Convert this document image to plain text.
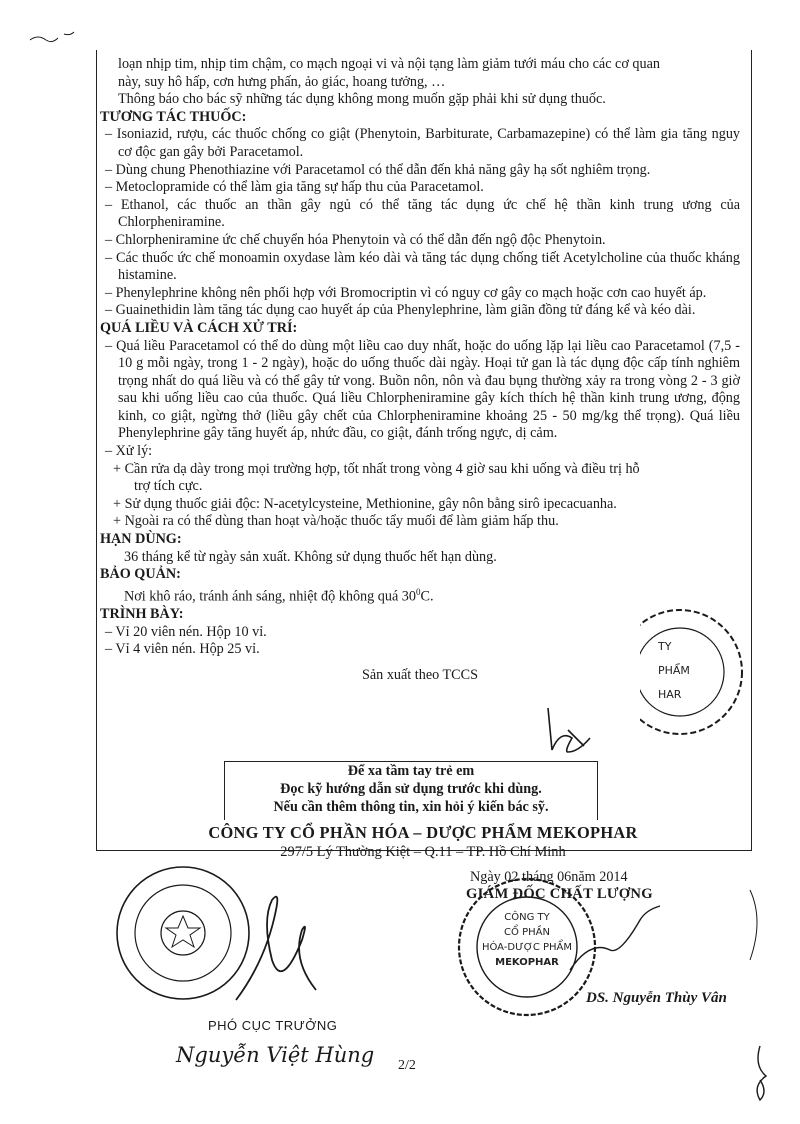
loạn nhịp tim, nhịp tim chậm, co mạch ngoại vi và nội tạng làm giảm tưới máu cho các cơ quan

này, suy hô hấp, cơn hưng phấn, ảo giác, hoang tưởng, …

Thông báo cho bác sỹ những tác dụng không mong muốn gặp phải khi sử dụng thuốc.

TƯƠNG TÁC THUỐC:

– Isoniazid, rượu, các thuốc chống co giật (Phenytoin, Barbiturate, Carbamazepine) có thể làm gia tăng nguy cơ độc gan gây bởi Paracetamol.

– Dùng chung Phenothiazine với Paracetamol có thể dẫn đến khả năng gây hạ sốt nghiêm trọng.

– Metoclopramide có thể làm gia tăng sự hấp thu của Paracetamol.

– Ethanol, các thuốc an thần gây ngủ có thể tăng tác dụng ức chế hệ thần kinh trung ương của Chlorpheniramine.

– Chlorpheniramine ức chế chuyển hóa Phenytoin và có thể dẫn đến ngộ độc Phenytoin.

– Các thuốc ức chế monoamin oxydase làm kéo dài và tăng tác dụng chống tiết Acetylcholine của thuốc kháng histamine.

– Phenylephrine không nên phối hợp với Bromocriptin vì có nguy cơ gây co mạch hoặc cơn cao huyết áp.

– Guainethidin làm tăng tác dụng cao huyết áp của Phenylephrine, làm giãn đồng tử đáng kể và kéo dài.

QUÁ LIỀU VÀ CÁCH XỬ TRÍ:

– Quá liều Paracetamol có thể do dùng một liều cao duy nhất, hoặc do uống lặp lại liều cao Paracetamol (7,5 - 10 g mỗi ngày, trong 1 - 2 ngày), hoặc do uống thuốc dài ngày. Hoại tử gan là tác dụng độc cấp tính nghiêm trọng nhất do quá liều và có thể gây tử vong. Buồn nôn, nôn và đau bụng thường xảy ra trong vòng 2 - 3 giờ sau khi uống liều cao của thuốc. Quá liều Chlorpheniramine gây kích thích hệ thần kinh trung ương, động kinh, co giật, ngừng thở (liều gây chết của Chlorpheniramine khoảng 25 - 50 mg/kg thể trọng). Quá liều Phenylephrine gây tăng huyết áp, nhức đầu, co giật, đánh trống ngực, dị cảm.

– Xử lý:

+ Cần rửa dạ dày trong mọi trường hợp, tốt nhất trong vòng 4 giờ sau khi uống và điều trị hỗ

trợ tích cực.

+ Sử dụng thuốc giải độc: N-acetylcysteine, Methionine, gây nôn bằng sirô ipecacuanha.

+ Ngoài ra có thể dùng than hoạt và/hoặc thuốc tẩy muối để làm giảm hấp thu.

HẠN DÙNG:

36 tháng kể từ ngày sản xuất. Không sử dụng thuốc hết hạn dùng.

BẢO QUẢN:

Nơi khô ráo, tránh ánh sáng, nhiệt độ không quá $30^0C$.

TRÌNH BÀY:

– Vỉ 20 viên nén. Hộp 10 vỉ.

– Vỉ 4 viên nén. Hộp 25 vỉ.

Sản xuất theo TCCS

Để xa tầm tay trẻ em

Đọc kỹ hướng dẫn sử dụng trước khi dùng.

Nếu cần thêm thông tin, xin hỏi ý kiến bác sỹ.

CÔNG TY CỔ PHẦN HÓA – DƯỢC PHẨM MEKOPHAR
297/5 Lý Thường Kiệt – Q.11 – TP. Hồ Chí Minh
TY
PHẨM
HAR
CÔNG TY
CỔ PHẦN
HÓA-DƯỢC PHẨM
MEKOPHAR
Ngày 02 tháng 06năm 2014
GIÁM ĐỐC CHẤT LƯỢNG
DS. Nguyễn Thùy Vân
PHÓ CỤC TRƯỞNG
Nguyễn Việt Hùng 2/2
